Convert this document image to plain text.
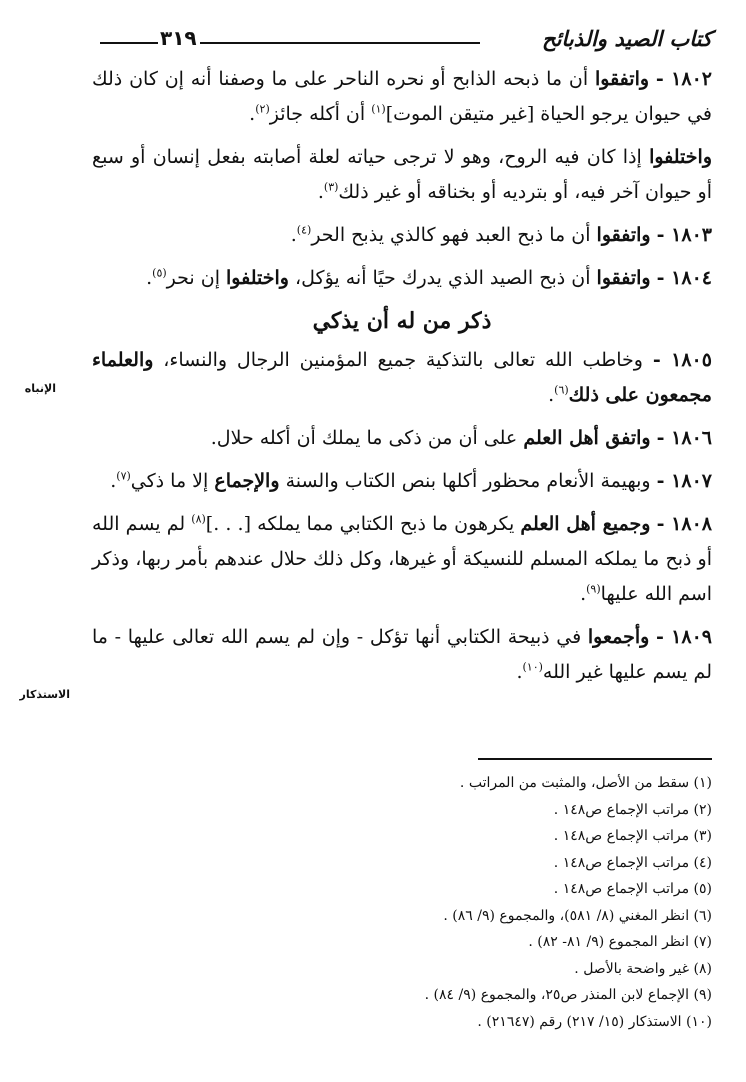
كتاب الصيد والذبائح
٣١٩
الإنباه
الاستذكار

١٨٠٢ - واتفقوا أن ما ذبحه الذابح أو نحره الناحر على ما وصفنا أنه إن كان ذلك في حيوان يرجو الحياة [غير متيقن الموت]$^{(١)}$ أن أكله جائز$^{(٢)}$.

واختلفوا إذا كان فيه الروح، وهو لا ترجى حياته لعلة أصابته بفعل إنسان أو سبع أو حيوان آخر فيه، أو بترديه أو بخناقه أو غير ذلك$^{(٣)}$.

١٨٠٣ - واتفقوا أن ما ذبح العبد فهو كالذي يذبح الحر$^{(٤)}$.

١٨٠٤ - واتفقوا أن ذبح الصيد الذي يدرك حيًا أنه يؤكل، واختلفوا إن نحر$^{(٥)}$.

ذكر من له أن يذكي

١٨٠٥ - وخاطب الله تعالى بالتذكية جميع المؤمنين الرجال والنساء، والعلماء مجمعون على ذلك$^{(٦)}$.

١٨٠٦ - واتفق أهل العلم على أن من ذكى ما يملك أن أكله حلال.

١٨٠٧ - وبهيمة الأنعام محظور أكلها بنص الكتاب والسنة والإجماع إلا ما ذكي$^{(٧)}$.

١٨٠٨ - وجميع أهل العلم يكرهون ما ذبح الكتابي مما يملكه [. . .]$^{(٨)}$ لم يسم الله أو ذبح ما يملكه المسلم للنسيكة أو غيرها، وكل ذلك حلال عندهم بأمر ربها، وذكر اسم الله عليها$^{(٩)}$.

١٨٠٩ - وأجمعوا في ذبيحة الكتابي أنها تؤكل - وإن لم يسم الله تعالى عليها - ما لم يسم عليها غير الله$^{(١٠)}$.

(١) سقط من الأصل، والمثبت من المراتب .
(٢) مراتب الإجماع ص١٤٨ .
(٣) مراتب الإجماع ص١٤٨ .
(٤) مراتب الإجماع ص١٤٨ .
(٥) مراتب الإجماع ص١٤٨ .
(٦) انظر المغني (٨/ ٥٨١)، والمجموع (٩/ ٨٦) .
(٧) انظر المجموع (٩/ ٨١- ٨٢) .
(٨) غير واضحة بالأصل .
(٩) الإجماع لابن المنذر ص٢٥، والمجموع (٩/ ٨٤) .
(١٠) الاستذكار (١٥/ ٢١٧) رقم (٢١٦٤٧) .
